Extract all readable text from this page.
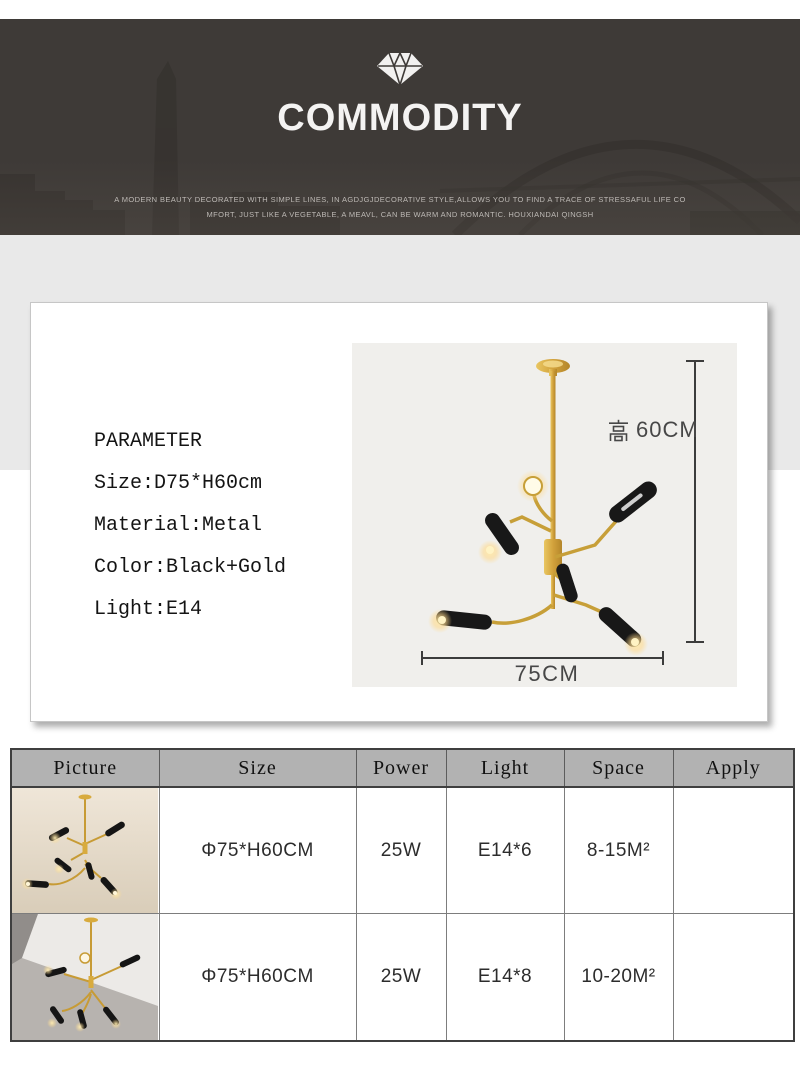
COMMODITY
A MODERN BEAUTY DECORATED WITH SIMPLE LINES, IN AGDJGJDECORATIVE STYLE,ALLOWS YOU TO FIND A TRACE OF STRESSAFUL LIFE CO
MFORT, JUST LIKE A VEGETABLE, A MEAVL, CAN BE WARM AND ROMANTIC. HOUXIANDAI QINGSH
PARAMETER
Size:D75*H60cm
Material:Metal
Color:Black+Gold
Light:E14
60CM
75CM
Picture	Size	Power	Light	Space	Apply

	Φ75*H60CM	25W	E14*6	8-15M²	

	Φ75*H60CM	25W	E14*8	10-20M²	
